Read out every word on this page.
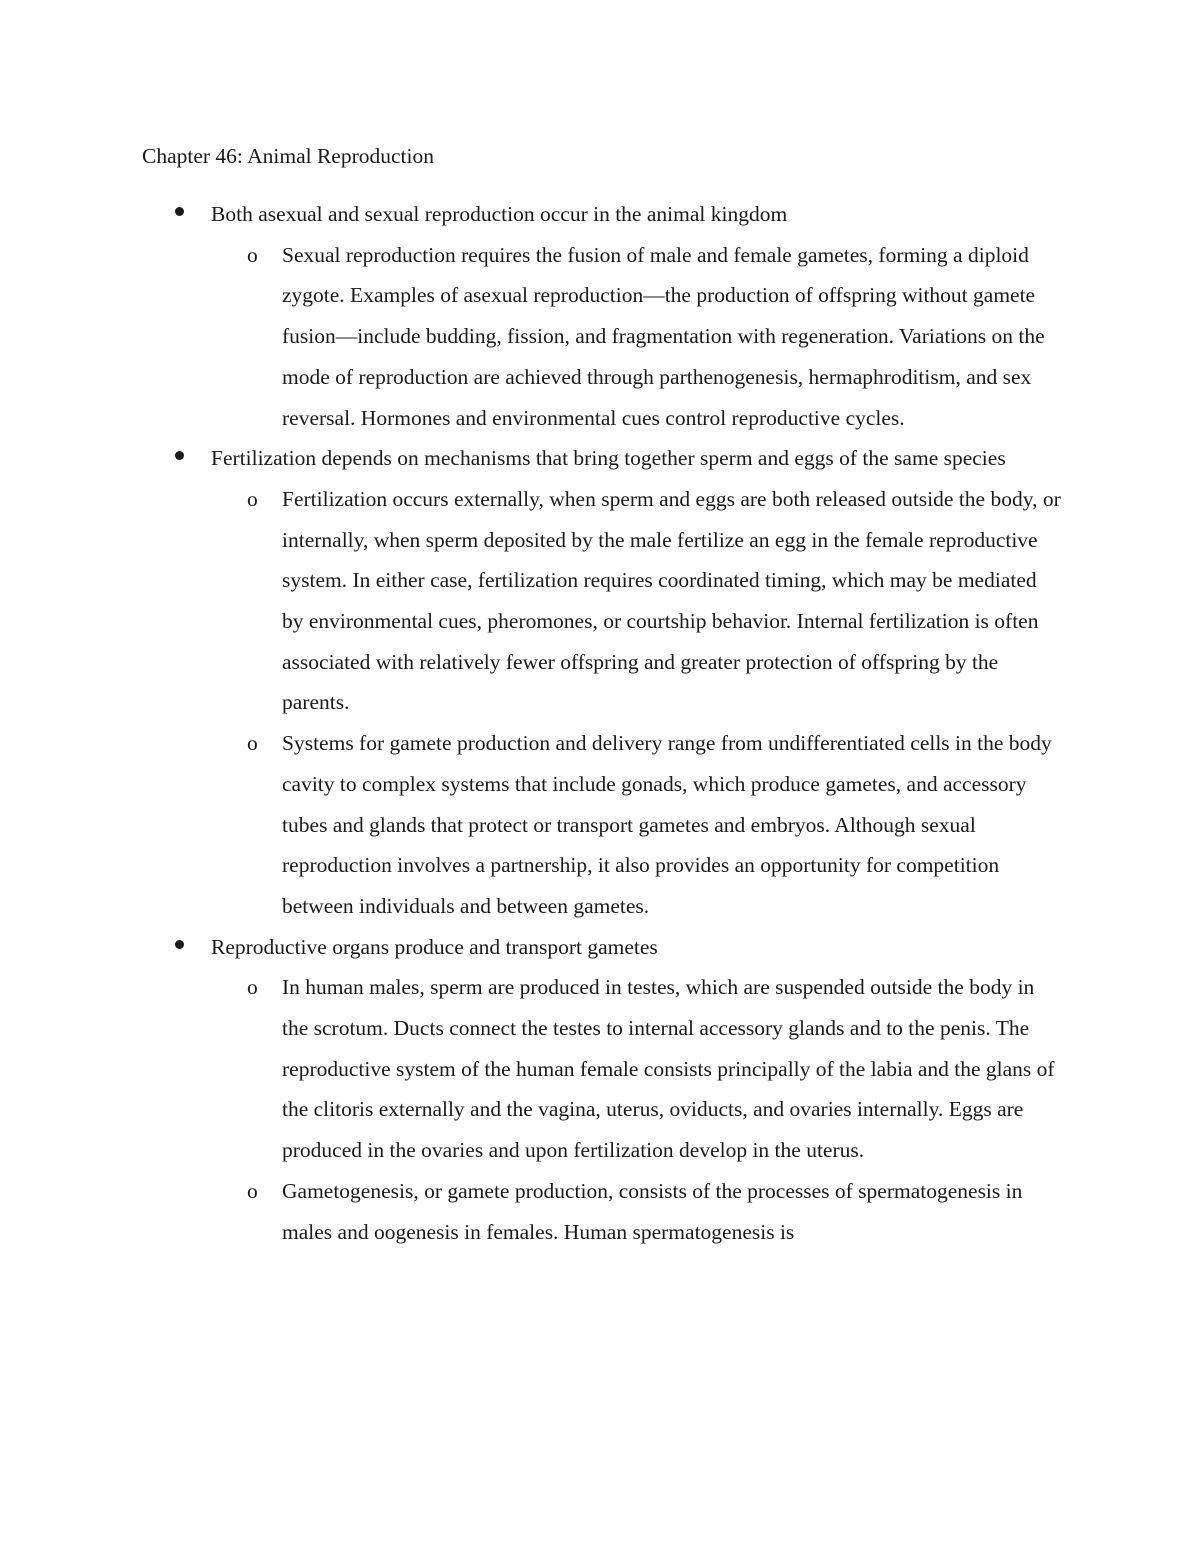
Chapter 46: Animal Reproduction
Both asexual and sexual reproduction occur in the animal kingdom
o Sexual reproduction requires the fusion of male and female gametes, forming a diploid zygote. Examples of asexual reproduction—the production of offspring without gamete fusion—include budding, fission, and fragmentation with regeneration. Variations on the mode of reproduction are achieved through parthenogenesis, hermaphroditism, and sex reversal. Hormones and environmental cues control reproductive cycles.
Fertilization depends on mechanisms that bring together sperm and eggs of the same species
o Fertilization occurs externally, when sperm and eggs are both released outside the body, or internally, when sperm deposited by the male fertilize an egg in the female reproductive system. In either case, fertilization requires coordinated timing, which may be mediated by environmental cues, pheromones, or courtship behavior. Internal fertilization is often associated with relatively fewer offspring and greater protection of offspring by the parents.
o Systems for gamete production and delivery range from undifferentiated cells in the body cavity to complex systems that include gonads, which produce gametes, and accessory tubes and glands that protect or transport gametes and embryos. Although sexual reproduction involves a partnership, it also provides an opportunity for competition between individuals and between gametes.
Reproductive organs produce and transport gametes
o In human males, sperm are produced in testes, which are suspended outside the body in the scrotum. Ducts connect the testes to internal accessory glands and to the penis. The reproductive system of the human female consists principally of the labia and the glans of the clitoris externally and the vagina, uterus, oviducts, and ovaries internally. Eggs are produced in the ovaries and upon fertilization develop in the uterus.
o Gametogenesis, or gamete production, consists of the processes of spermatogenesis in males and oogenesis in females. Human spermatogenesis is
